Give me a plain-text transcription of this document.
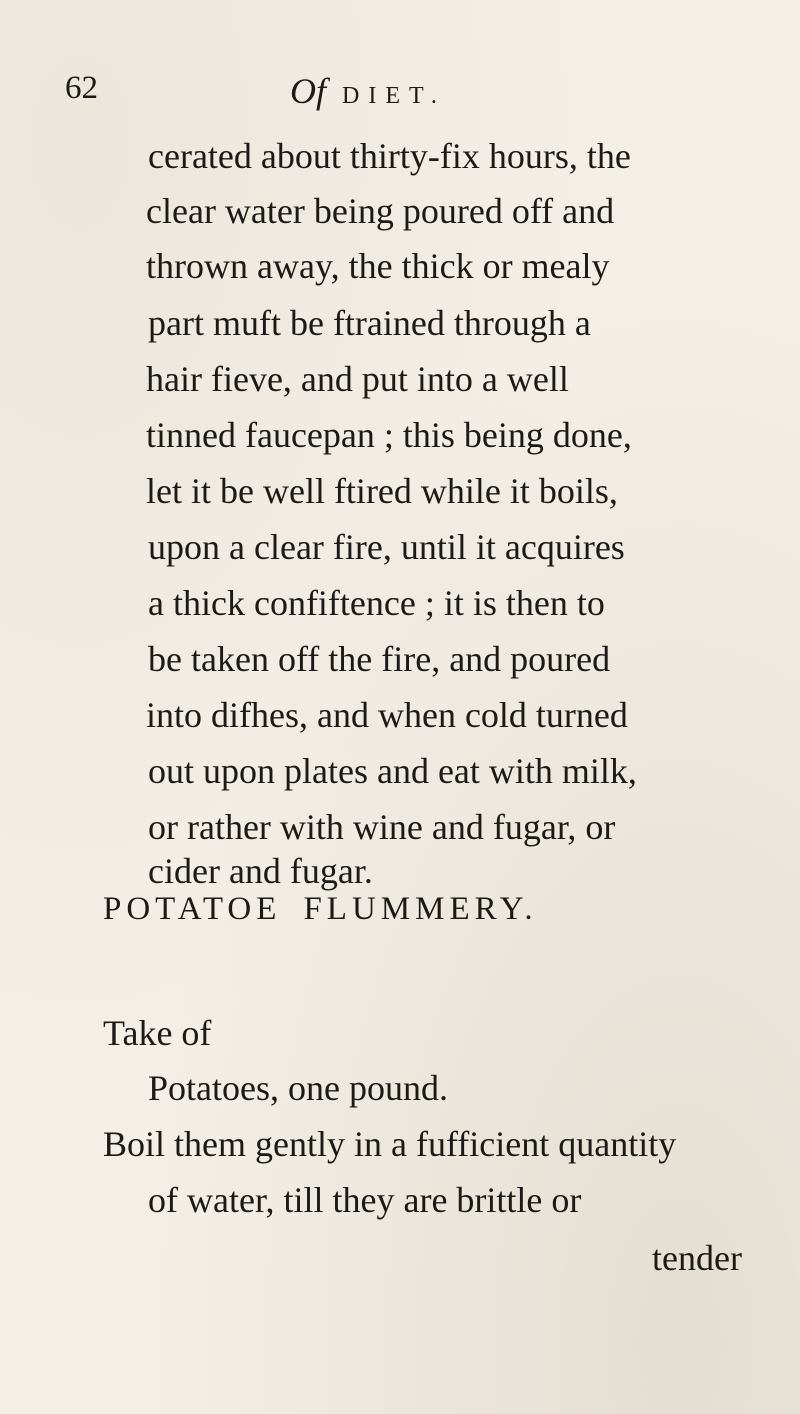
62	Of DIET.
cerated about thirty-fix hours, the
clear water being poured off and
thrown away, the thick or mealy
part muft be ftrained through a
hair fieve, and put into a well
tinned faucepan ; this being done,
let it be well ftired while it boils,
upon a clear fire, until it acquires
a thick confiftence ; it is then to
be taken off the fire, and poured
into difhes, and when cold turned
out upon plates and eat with milk,
or rather with wine and fugar, or
cider and fugar.
POTATOE FLUMMERY.
Take of
Potatoes, one pound.
Boil them gently in a fufficient quantity
of water, till they are brittle or
tender
